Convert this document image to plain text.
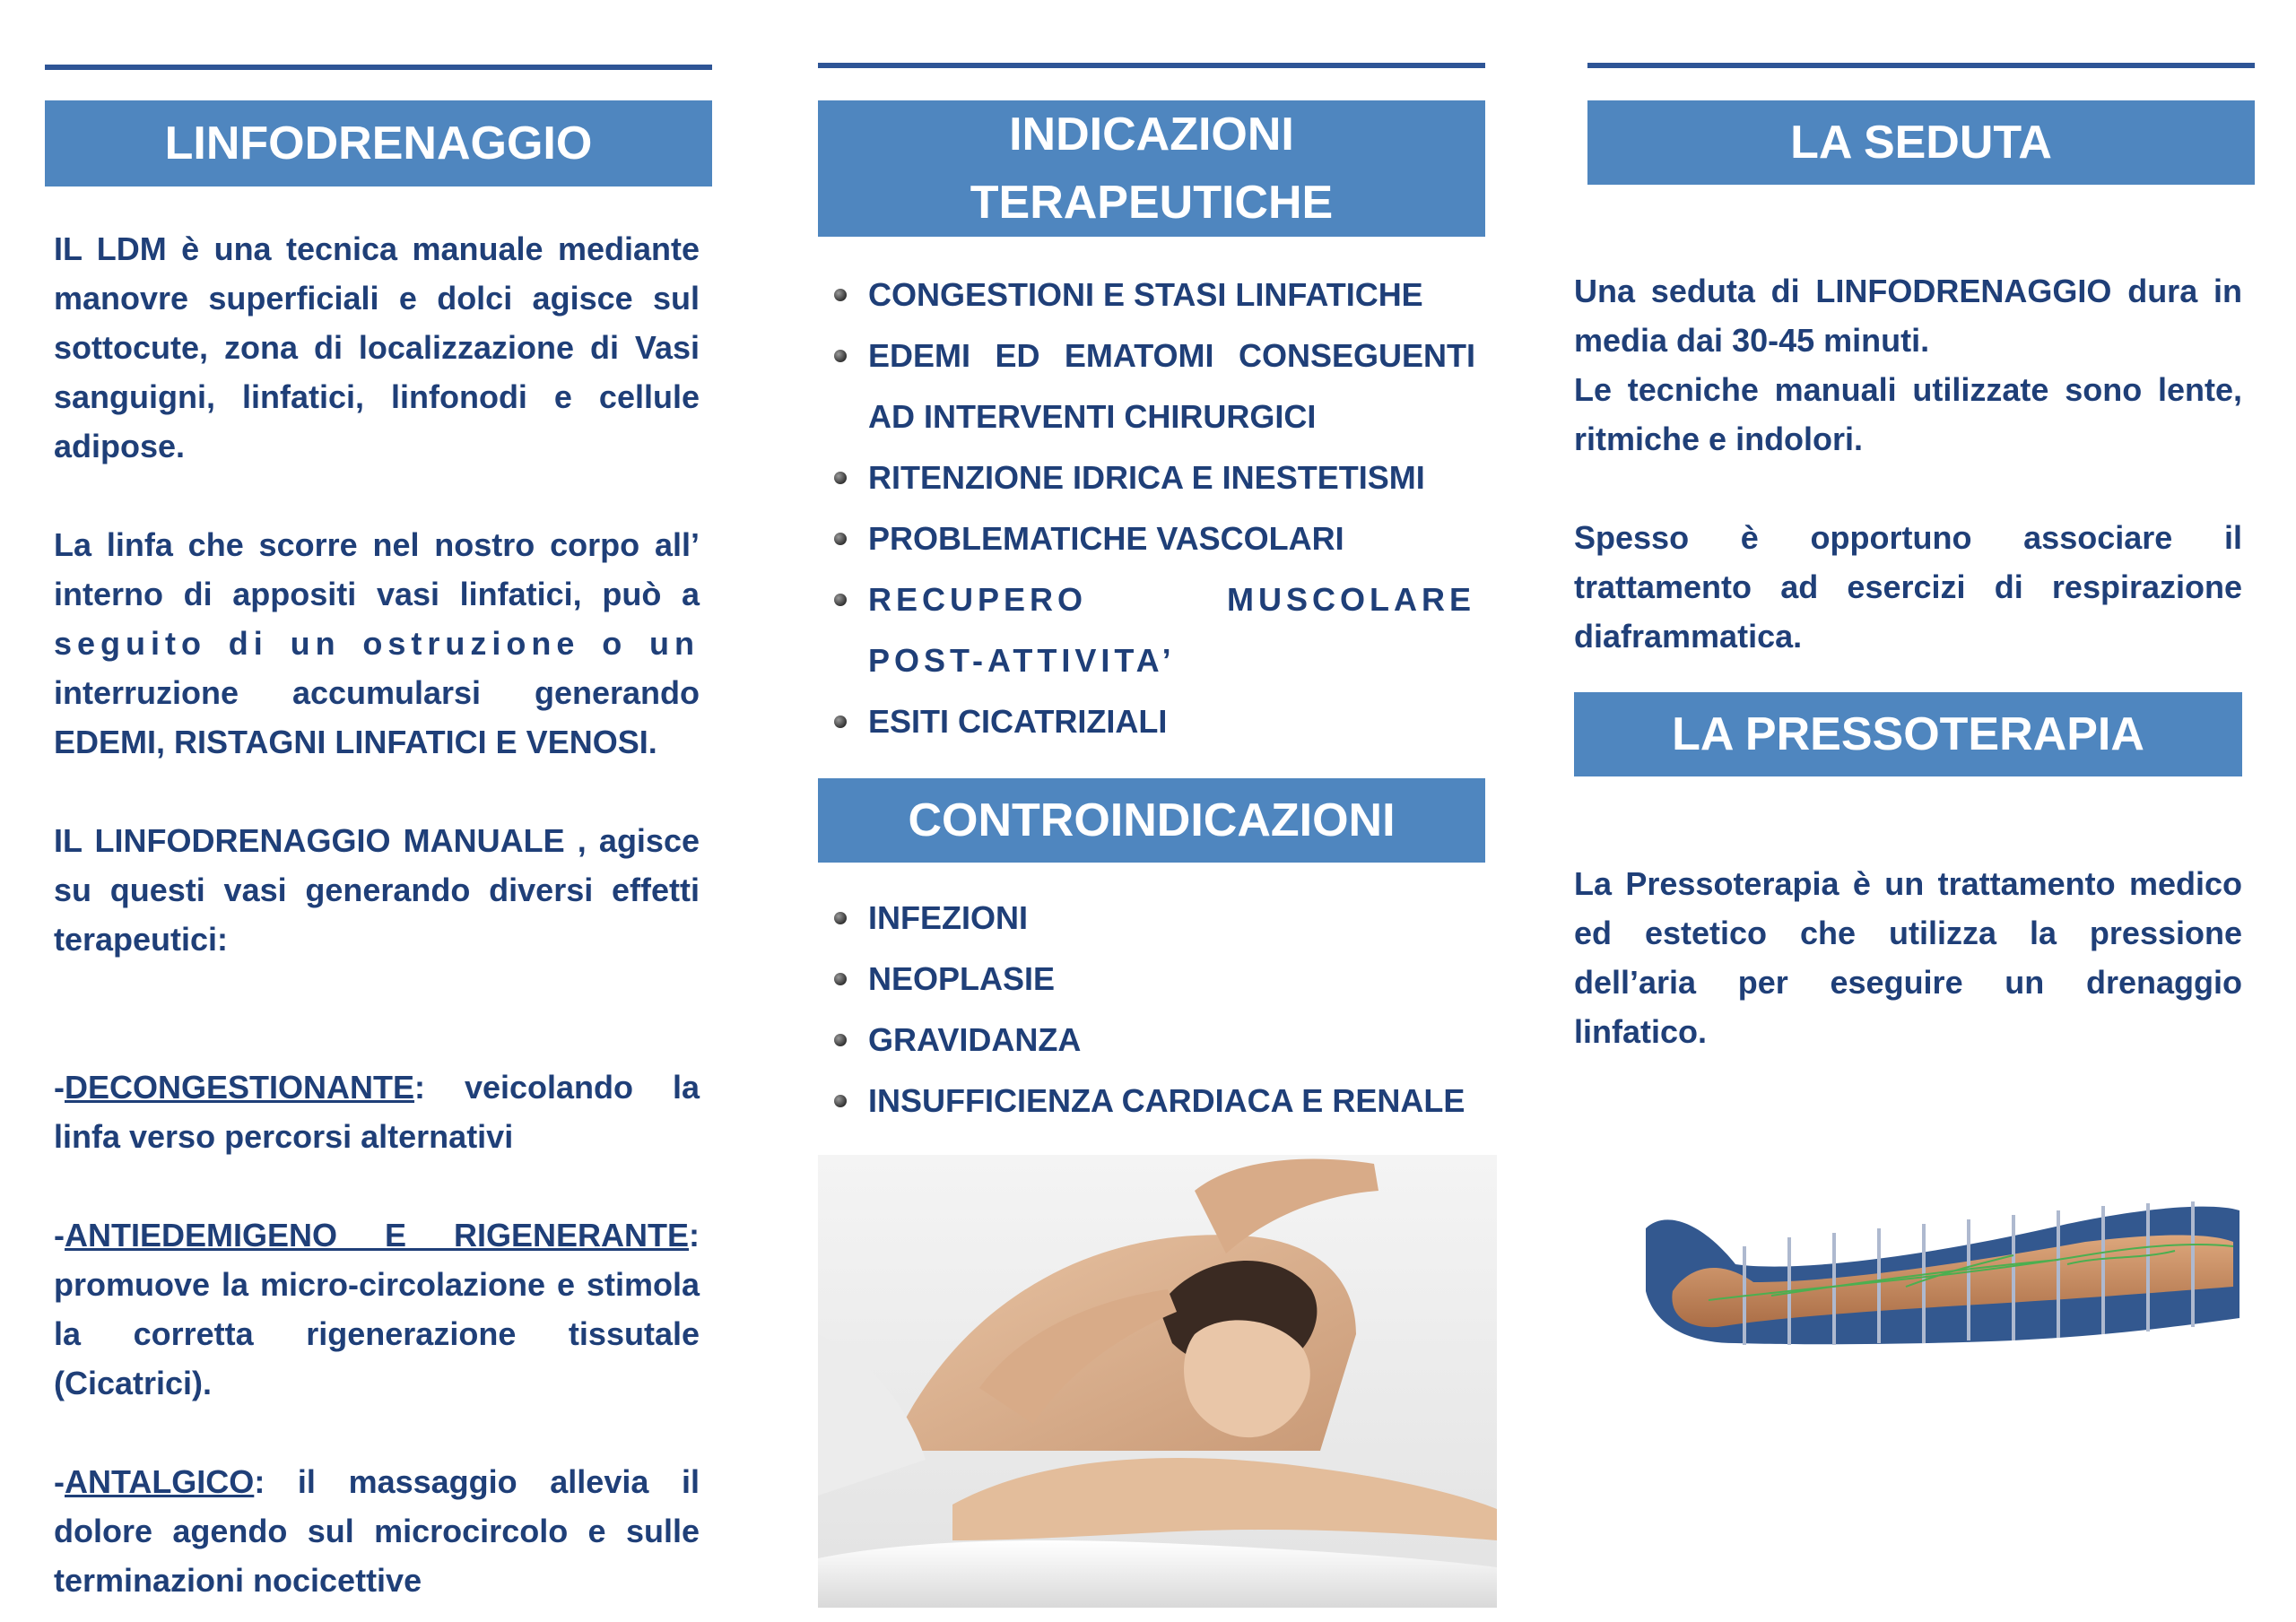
LINFODRENAGGIO

IL LDM è una tecnica manuale mediante manovre superficiali e dolci agisce sul sottocute, zona di localizzazione di Vasi sanguigni, linfatici, linfonodi e cellule adipose.

La linfa che scorre nel nostro corpo all’ interno di appositi vasi linfatici, può a seguito di un ostruzione o un interruzione accumularsi generando EDEMI, RISTAGNI LINFATICI E VENOSI.

IL LINFODRENAGGIO MANUALE , agisce su questi vasi generando diversi effetti terapeutici:

-DECONGESTIONANTE: veicolando la linfa verso percorsi alternativi

-ANTIEDEMIGENO E RIGENERANTE: promuove la micro-circolazione e stimola la corretta rigenerazione tissutale (Cicatrici).

-ANTALGICO: il massaggio allevia il dolore agendo sul microcircolo e sulle terminazioni nocicettive

INDICAZIONI
TERAPEUTICHE
CONGESTIONI E STASI LINFATICHE
EDEMI ED EMATOMI CONSEGUENTI AD INTERVENTI CHIRURGICI
RITENZIONE IDRICA E INESTETISMI
PROBLEMATICHE VASCOLARI
RECUPERO MUSCOLARE POST-ATTIVITA’
ESITI CICATRIZIALI
CONTROINDICAZIONI
INFEZIONI
NEOPLASIE
GRAVIDANZA
INSUFFICIENZA CARDIACA E RENALE
LA SEDUTA

Una seduta di LINFODRENAGGIO dura in media dai 30-45 minuti.

Le tecniche manuali utilizzate sono lente, ritmiche e indolori.

Spesso è opportuno associare il trattamento ad esercizi di respirazione diaframmatica.

LA PRESSOTERAPIA

La Pressoterapia è un trattamento medico ed estetico che utilizza la pressione dell’aria per eseguire un drenaggio linfatico.
